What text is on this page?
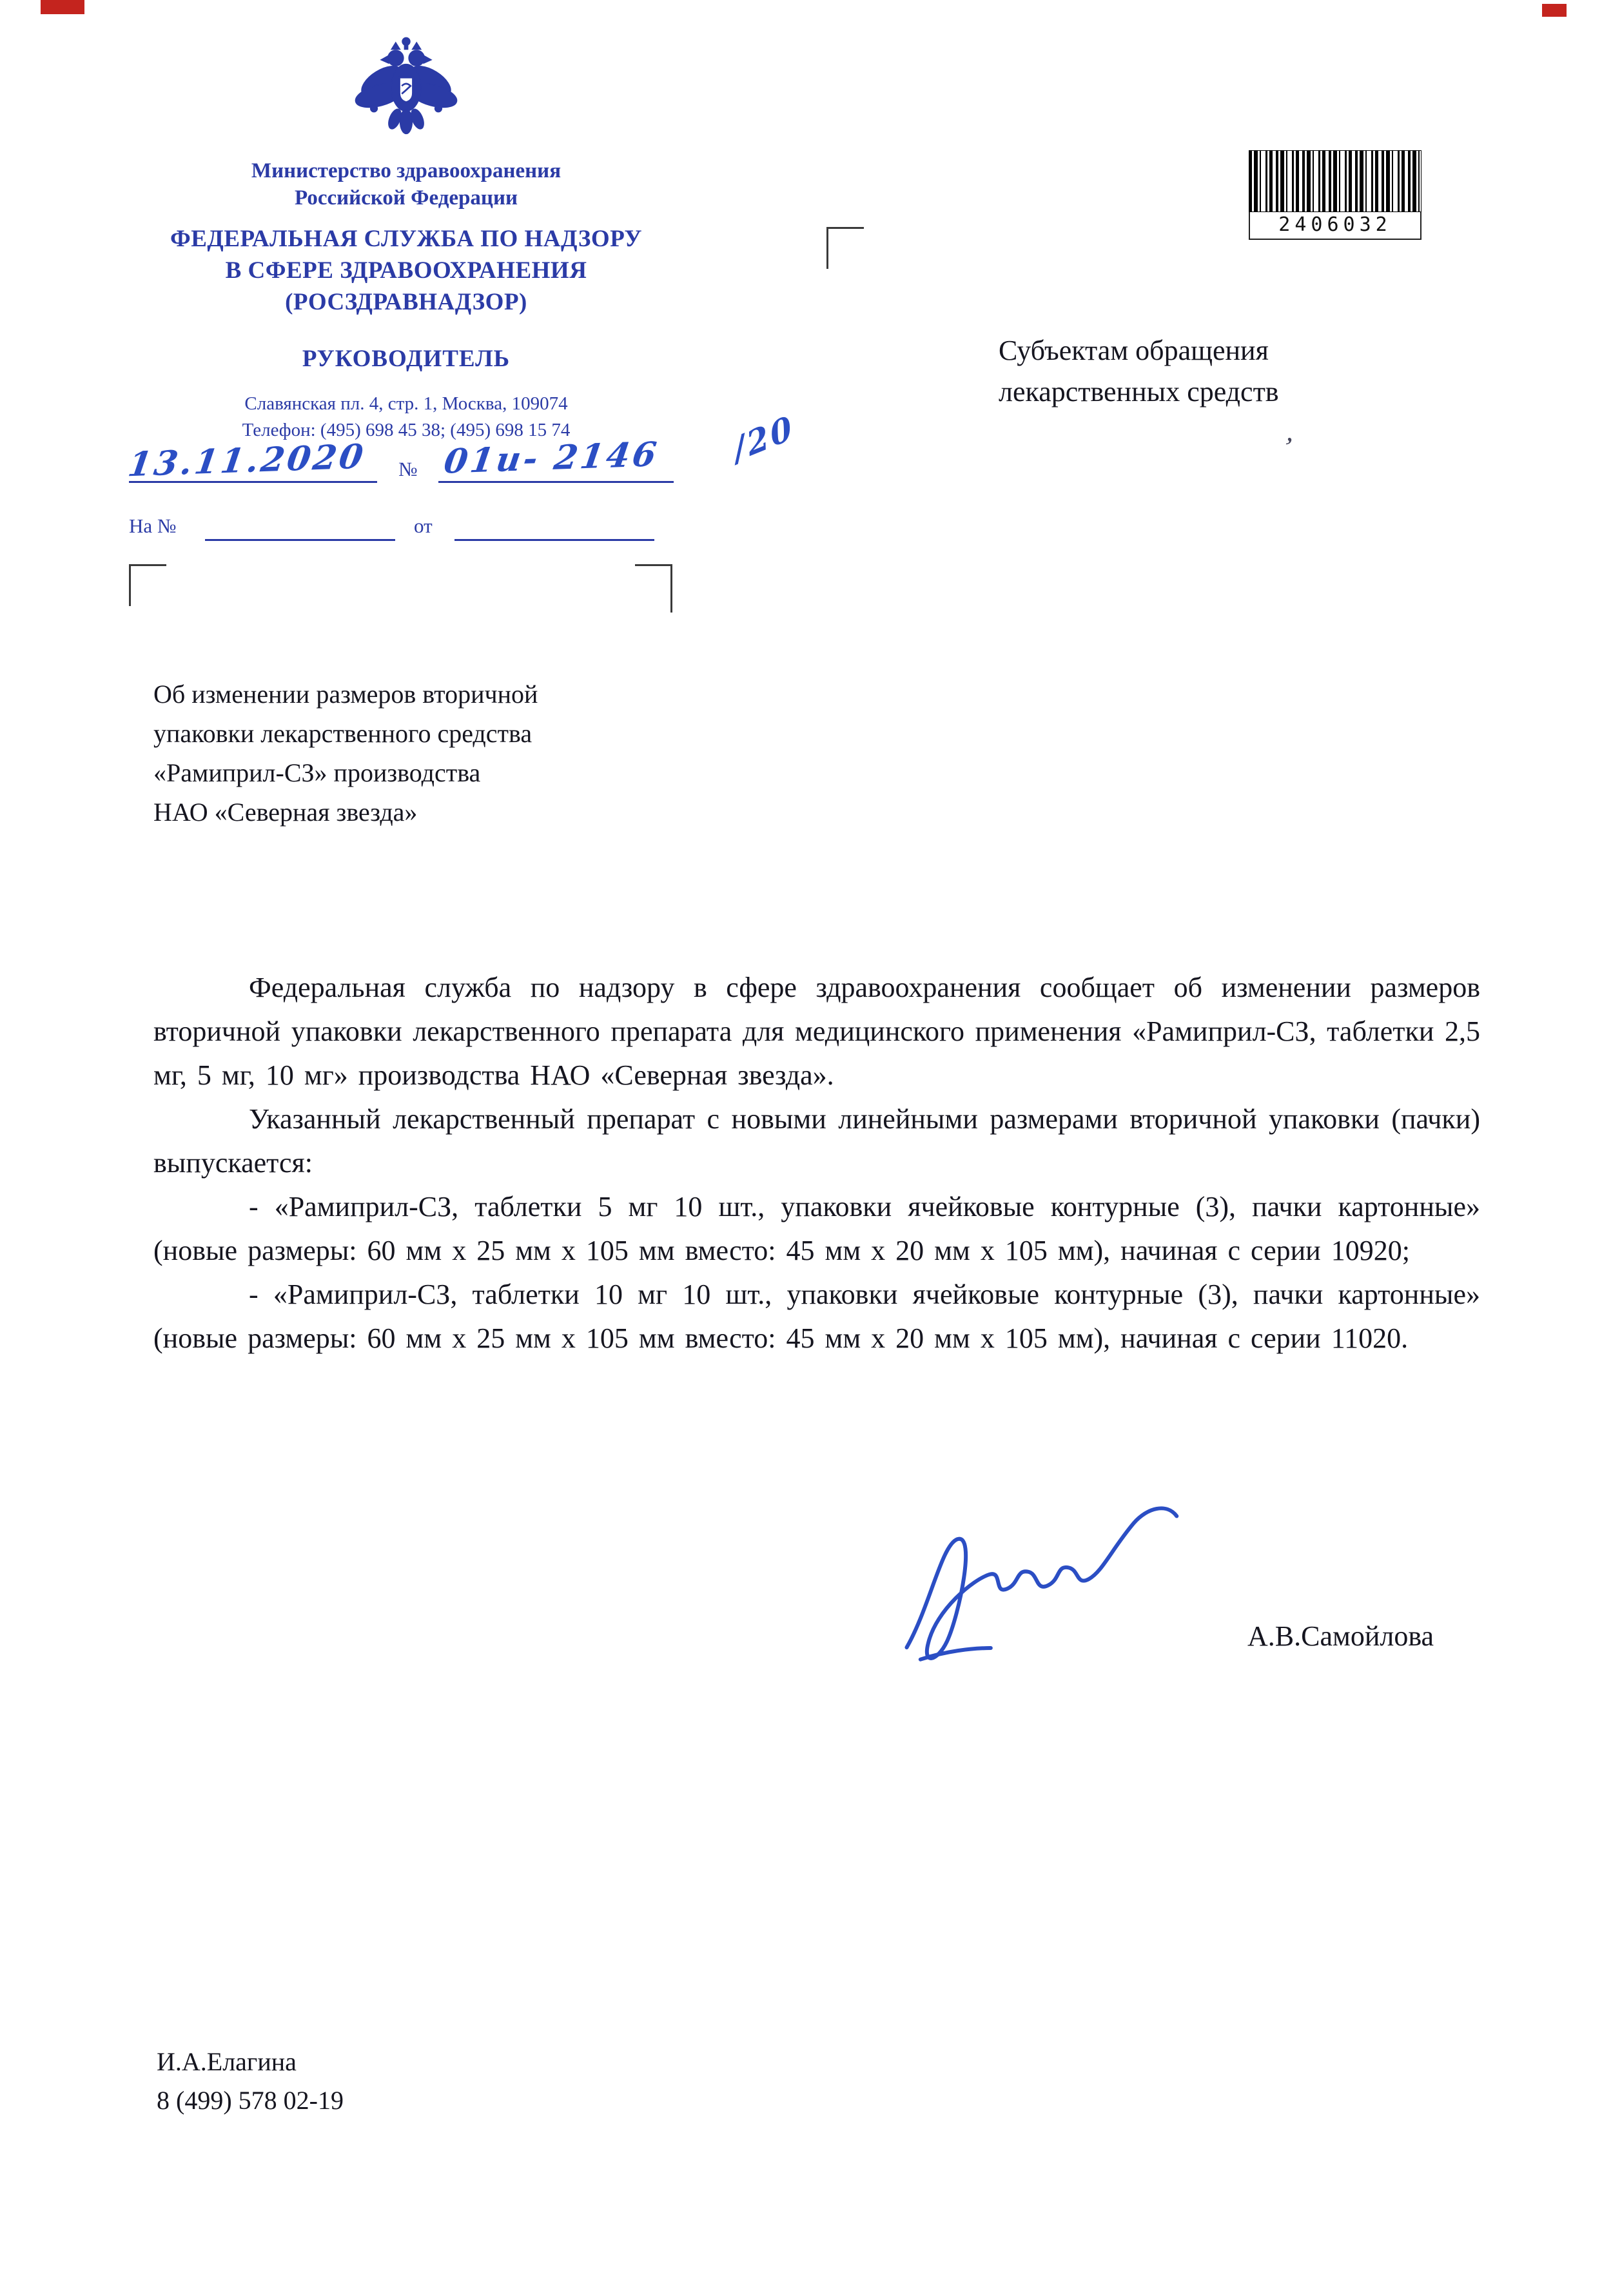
Министерство здравоохранения
Российской Федерации
ФЕДЕРАЛЬНАЯ СЛУЖБА ПО НАДЗОРУ
В СФЕРЕ ЗДРАВООХРАНЕНИЯ
(РОСЗДРАВНАДЗОР)
РУКОВОДИТЕЛЬ
Славянская пл. 4, стр. 1, Москва, 109074
Телефон: (495) 698 45 38; (495) 698 15 74
13.11.2020 № 01и- 2146 /20
На №	от
2406032
Субъектам обращения
лекарственных средств
’
Об изменении размеров вторичной
упаковки лекарственного средства
«Рамиприл-СЗ» производства
НАО «Северная звезда»

Федеральная служба по надзору в сфере здравоохранения сообщает об изменении размеров вторичной упаковки лекарственного препарата для медицинского применения «Рамиприл-СЗ, таблетки 2,5 мг, 5 мг, 10 мг» производства НАО «Северная звезда».

Указанный лекарственный препарат с новыми линейными размерами вторичной упаковки (пачки) выпускается:

- «Рамиприл-СЗ, таблетки 5 мг 10 шт., упаковки ячейковые контурные (3), пачки картонные» (новые размеры: 60 мм х 25 мм х 105 мм вместо: 45 мм х 20 мм х 105 мм), начиная с серии 10920;

- «Рамиприл-СЗ, таблетки 10 мг 10 шт., упаковки ячейковые контурные (3), пачки картонные» (новые размеры: 60 мм х 25 мм х 105 мм вместо: 45 мм х 20 мм х 105 мм), начиная с серии 11020.

А.В.Самойлова
И.А.Елагина
8 (499) 578 02-19
